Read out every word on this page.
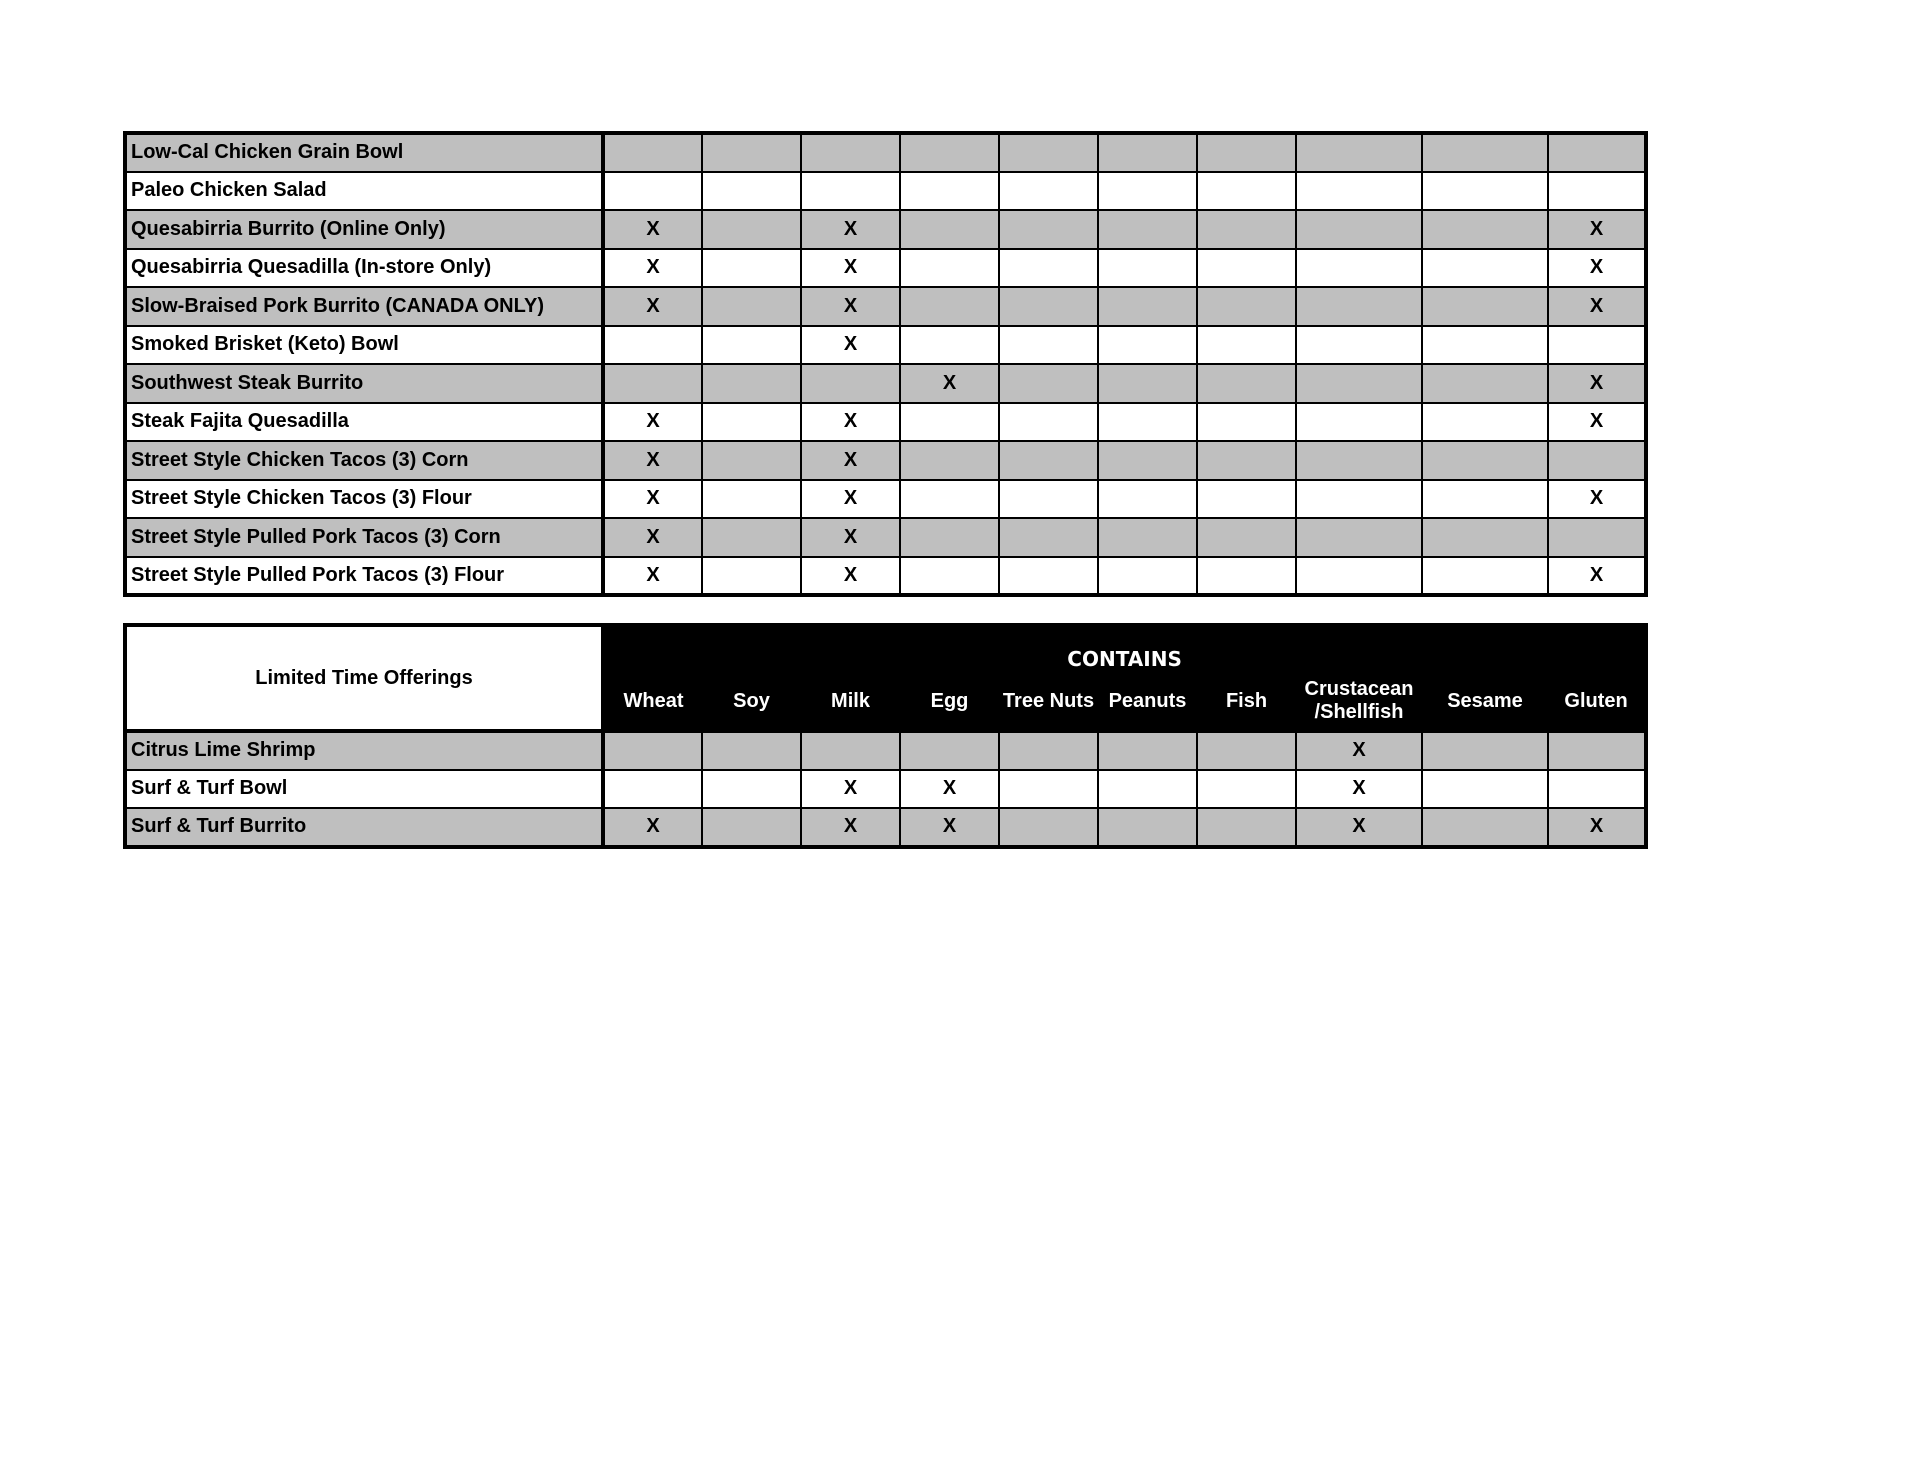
Low-Cal Chicken Grain Bowl										
Paleo Chicken Salad										
Quesabirria Burrito (Online Only)	X		X							X
Quesabirria Quesadilla (In-store Only)	X		X							X
Slow-Braised Pork Burrito (CANADA ONLY)	X		X							X
Smoked Brisket (Keto) Bowl			X							
Southwest Steak Burrito				X						X
Steak Fajita Quesadilla	X		X							X
Street Style Chicken Tacos (3) Corn	X		X							
Street Style Chicken Tacos (3) Flour	X		X							X
Street Style Pulled Pork Tacos (3) Corn	X		X							
Street Style Pulled Pork Tacos (3) Flour	X		X							X
Limited Time Offerings	CONTAINS									
	Wheat	Soy	Milk	Egg	Tree Nuts	Peanuts	Fish	Crustacean /Shellfish	Sesame	Gluten
Citrus Lime Shrimp								X		
Surf & Turf Bowl			X	X				X		
Surf & Turf Burrito	X		X	X				X		X
